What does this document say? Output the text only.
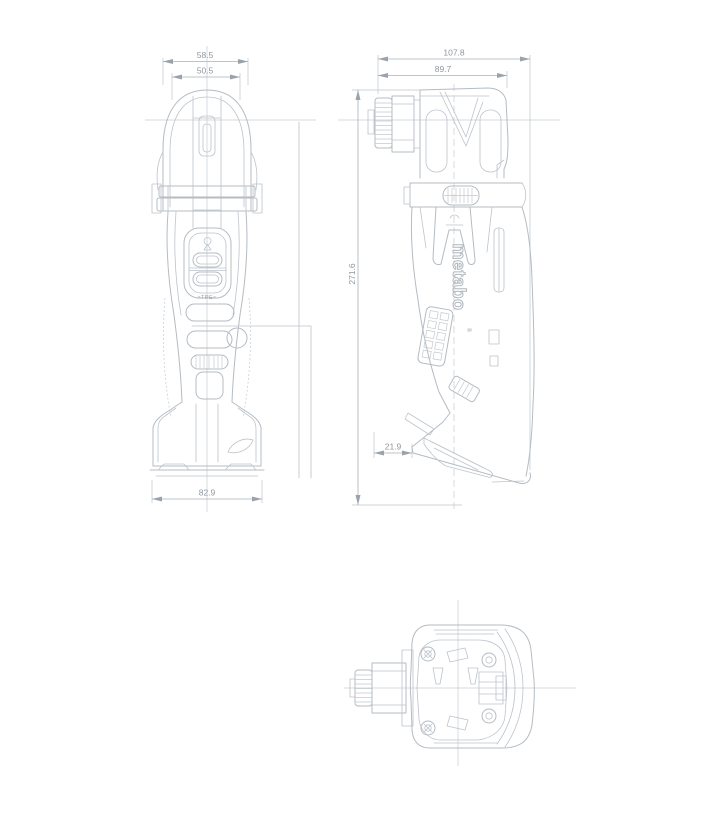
58.5
50.5
82.9
>TPE<
107.8
89.7
271.6
21.9
metabo
®
